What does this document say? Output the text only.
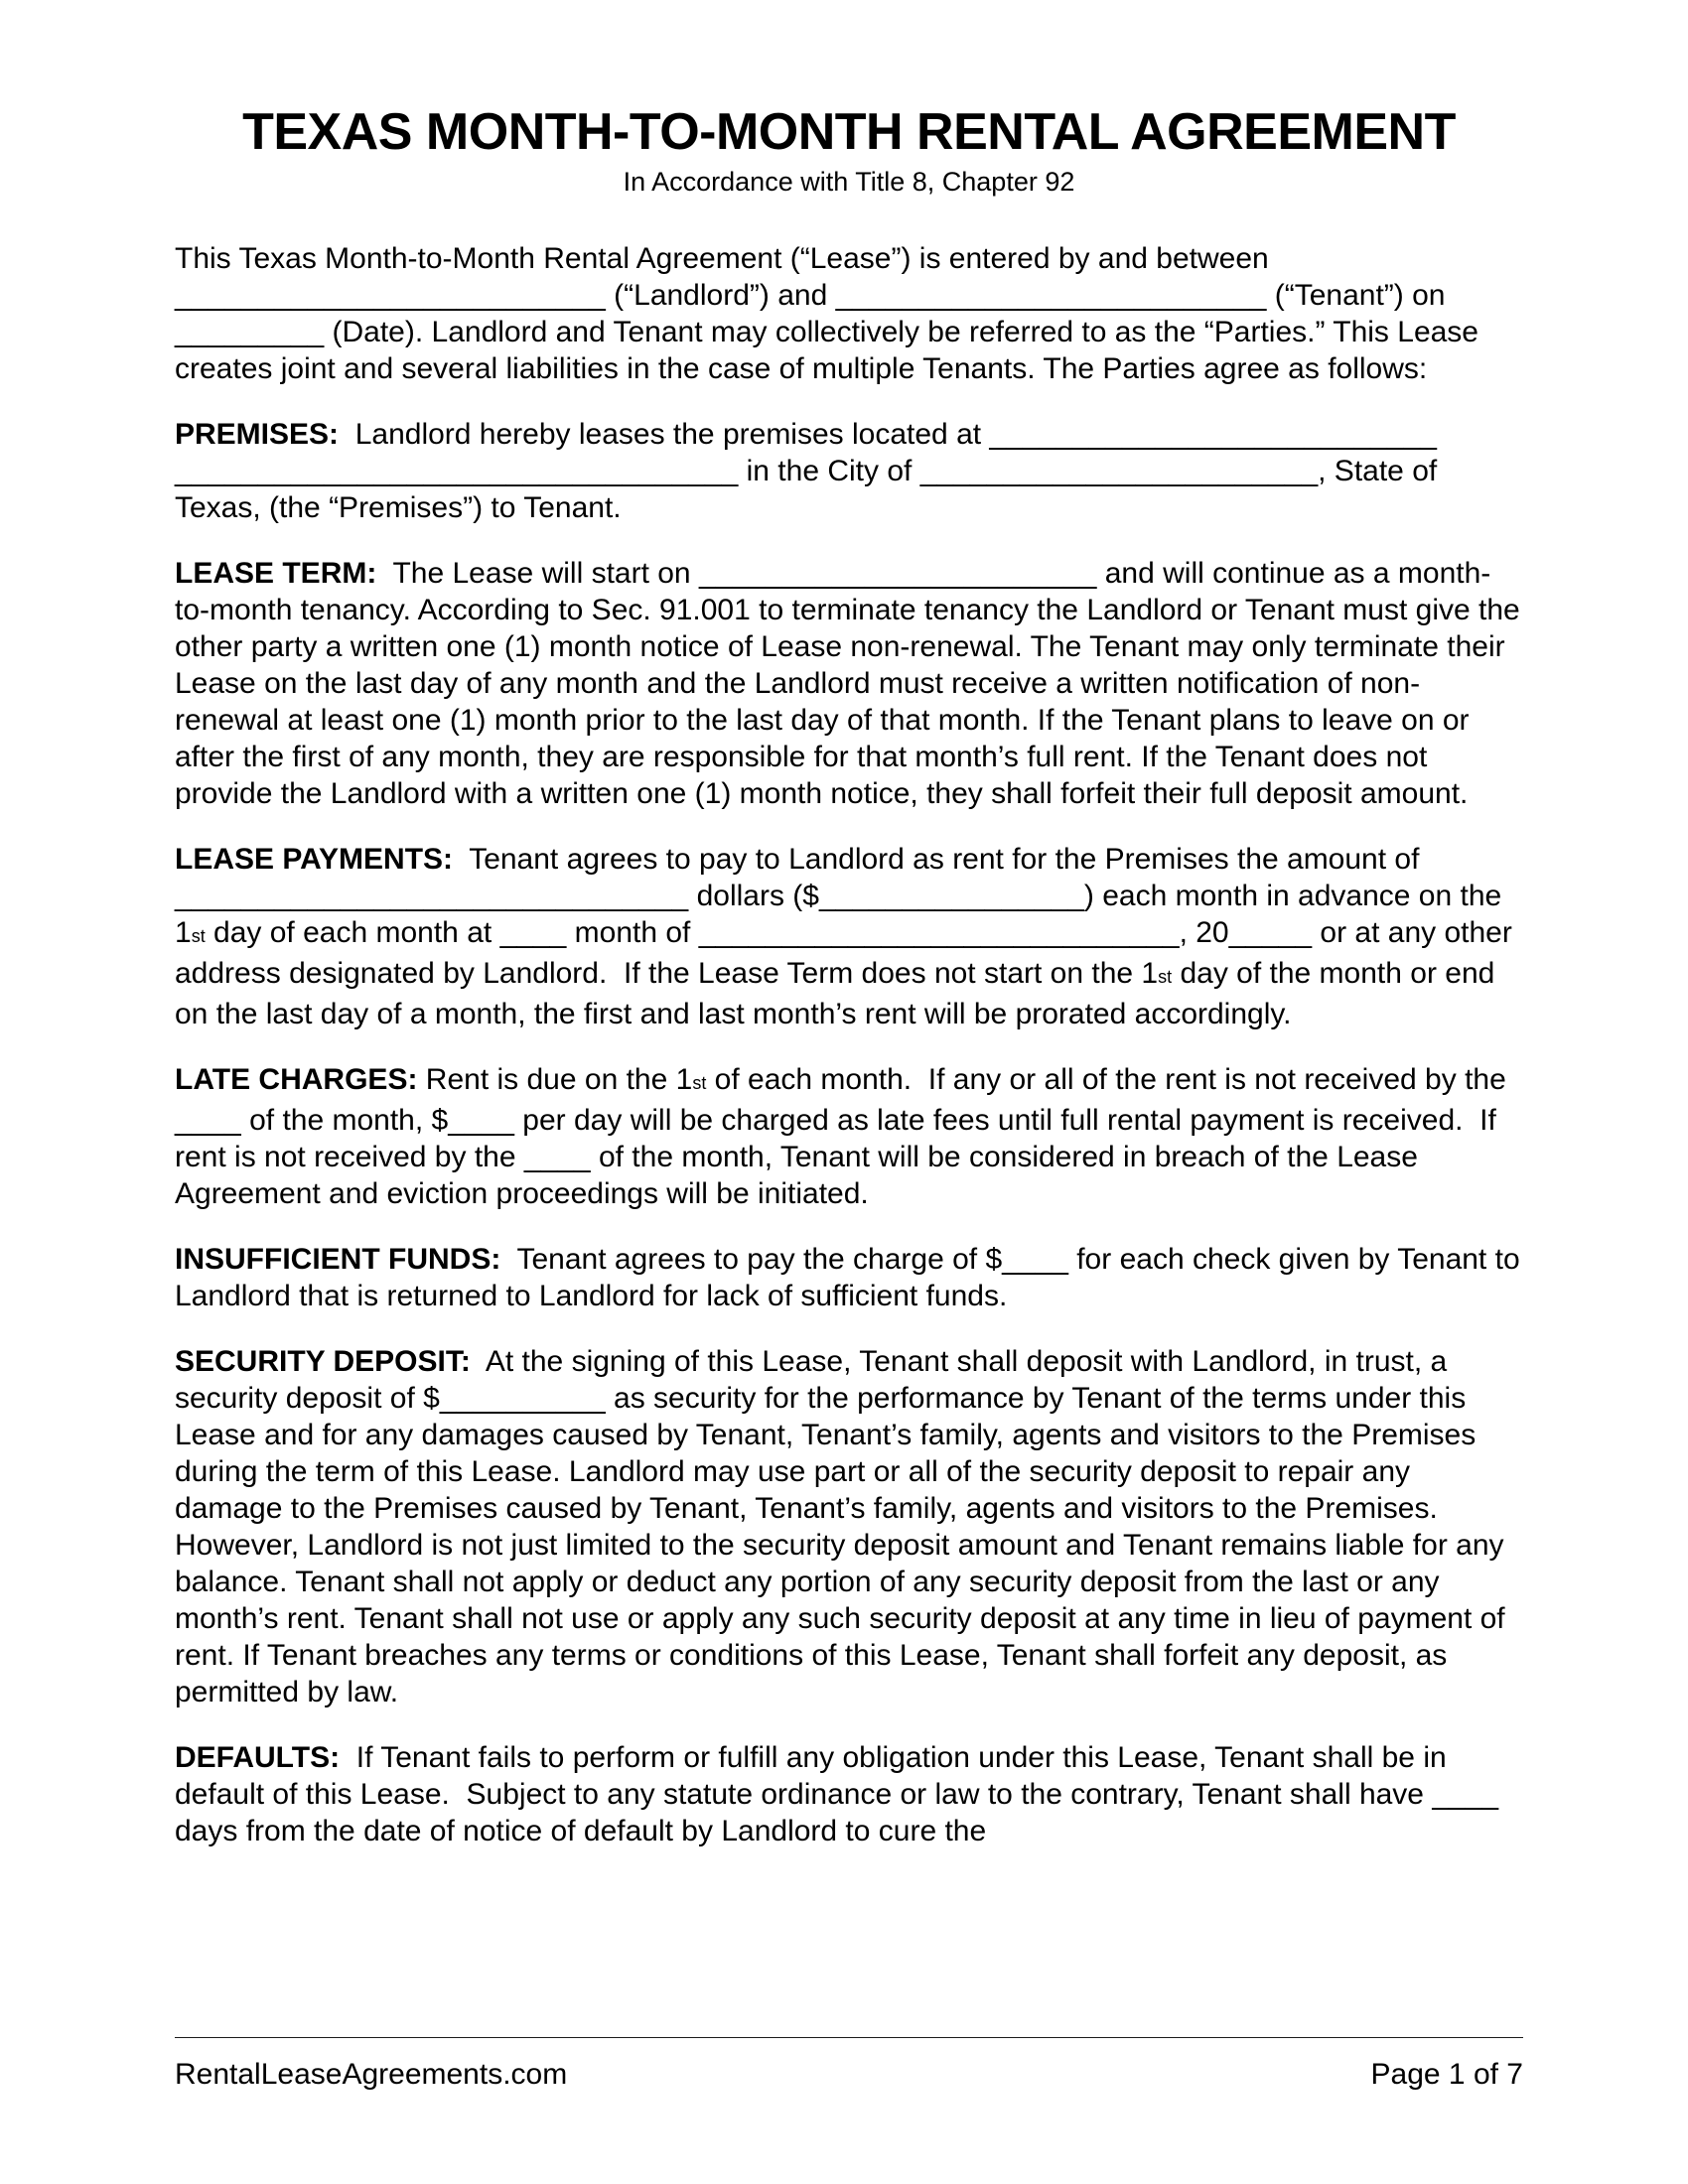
TEXAS MONTH-TO-MONTH RENTAL AGREEMENT
In Accordance with Title 8, Chapter 92

This Texas Month-to-Month Rental Agreement (“Lease”) is entered by and between __________________________ (“Landlord”) and __________________________ (“Tenant”) on _________ (Date). Landlord and Tenant may collectively be referred to as the “Parties.” This Lease creates joint and several liabilities in the case of multiple Tenants. The Parties agree as follows:

PREMISES:  Landlord hereby leases the premises located at ___________________________ __________________________________ in the City of ________________________, State of Texas, (the “Premises”) to Tenant.

LEASE TERM:  The Lease will start on ________________________ and will continue as a month-to-month tenancy. According to Sec. 91.001 to terminate tenancy the Landlord or Tenant must give the other party a written one (1) month notice of Lease non-renewal. The Tenant may only terminate their Lease on the last day of any month and the Landlord must receive a written notification of non-renewal at least one (1) month prior to the last day of that month. If the Tenant plans to leave on or after the first of any month, they are responsible for that month’s full rent. If the Tenant does not provide the Landlord with a written one (1) month notice, they shall forfeit their full deposit amount.

LEASE PAYMENTS:  Tenant agrees to pay to Landlord as rent for the Premises the amount of _______________________________ dollars ($________________) each month in advance on the 1st day of each month at ____ month of _____________________________, 20_____ or at any other address designated by Landlord.  If the Lease Term does not start on the 1st day of the month or end on the last day of a month, the first and last month’s rent will be prorated accordingly.

LATE CHARGES: Rent is due on the 1st of each month.  If any or all of the rent is not received by the ____ of the month, $____ per day will be charged as late fees until full rental payment is received.  If rent is not received by the ____ of the month, Tenant will be considered in breach of the Lease Agreement and eviction proceedings will be initiated.

INSUFFICIENT FUNDS:  Tenant agrees to pay the charge of $____ for each check given by Tenant to Landlord that is returned to Landlord for lack of sufficient funds.

SECURITY DEPOSIT:  At the signing of this Lease, Tenant shall deposit with Landlord, in trust, a security deposit of $__________ as security for the performance by Tenant of the terms under this Lease and for any damages caused by Tenant, Tenant’s family, agents and visitors to the Premises during the term of this Lease. Landlord may use part or all of the security deposit to repair any damage to the Premises caused by Tenant, Tenant’s family, agents and visitors to the Premises. However, Landlord is not just limited to the security deposit amount and Tenant remains liable for any balance. Tenant shall not apply or deduct any portion of any security deposit from the last or any month’s rent. Tenant shall not use or apply any such security deposit at any time in lieu of payment of rent. If Tenant breaches any terms or conditions of this Lease, Tenant shall forfeit any deposit, as permitted by law.

DEFAULTS:  If Tenant fails to perform or fulfill any obligation under this Lease, Tenant shall be in default of this Lease.  Subject to any statute ordinance or law to the contrary, Tenant shall have ____ days from the date of notice of default by Landlord to cure the

RentalLeaseAgreements.com	Page 1 of 7
